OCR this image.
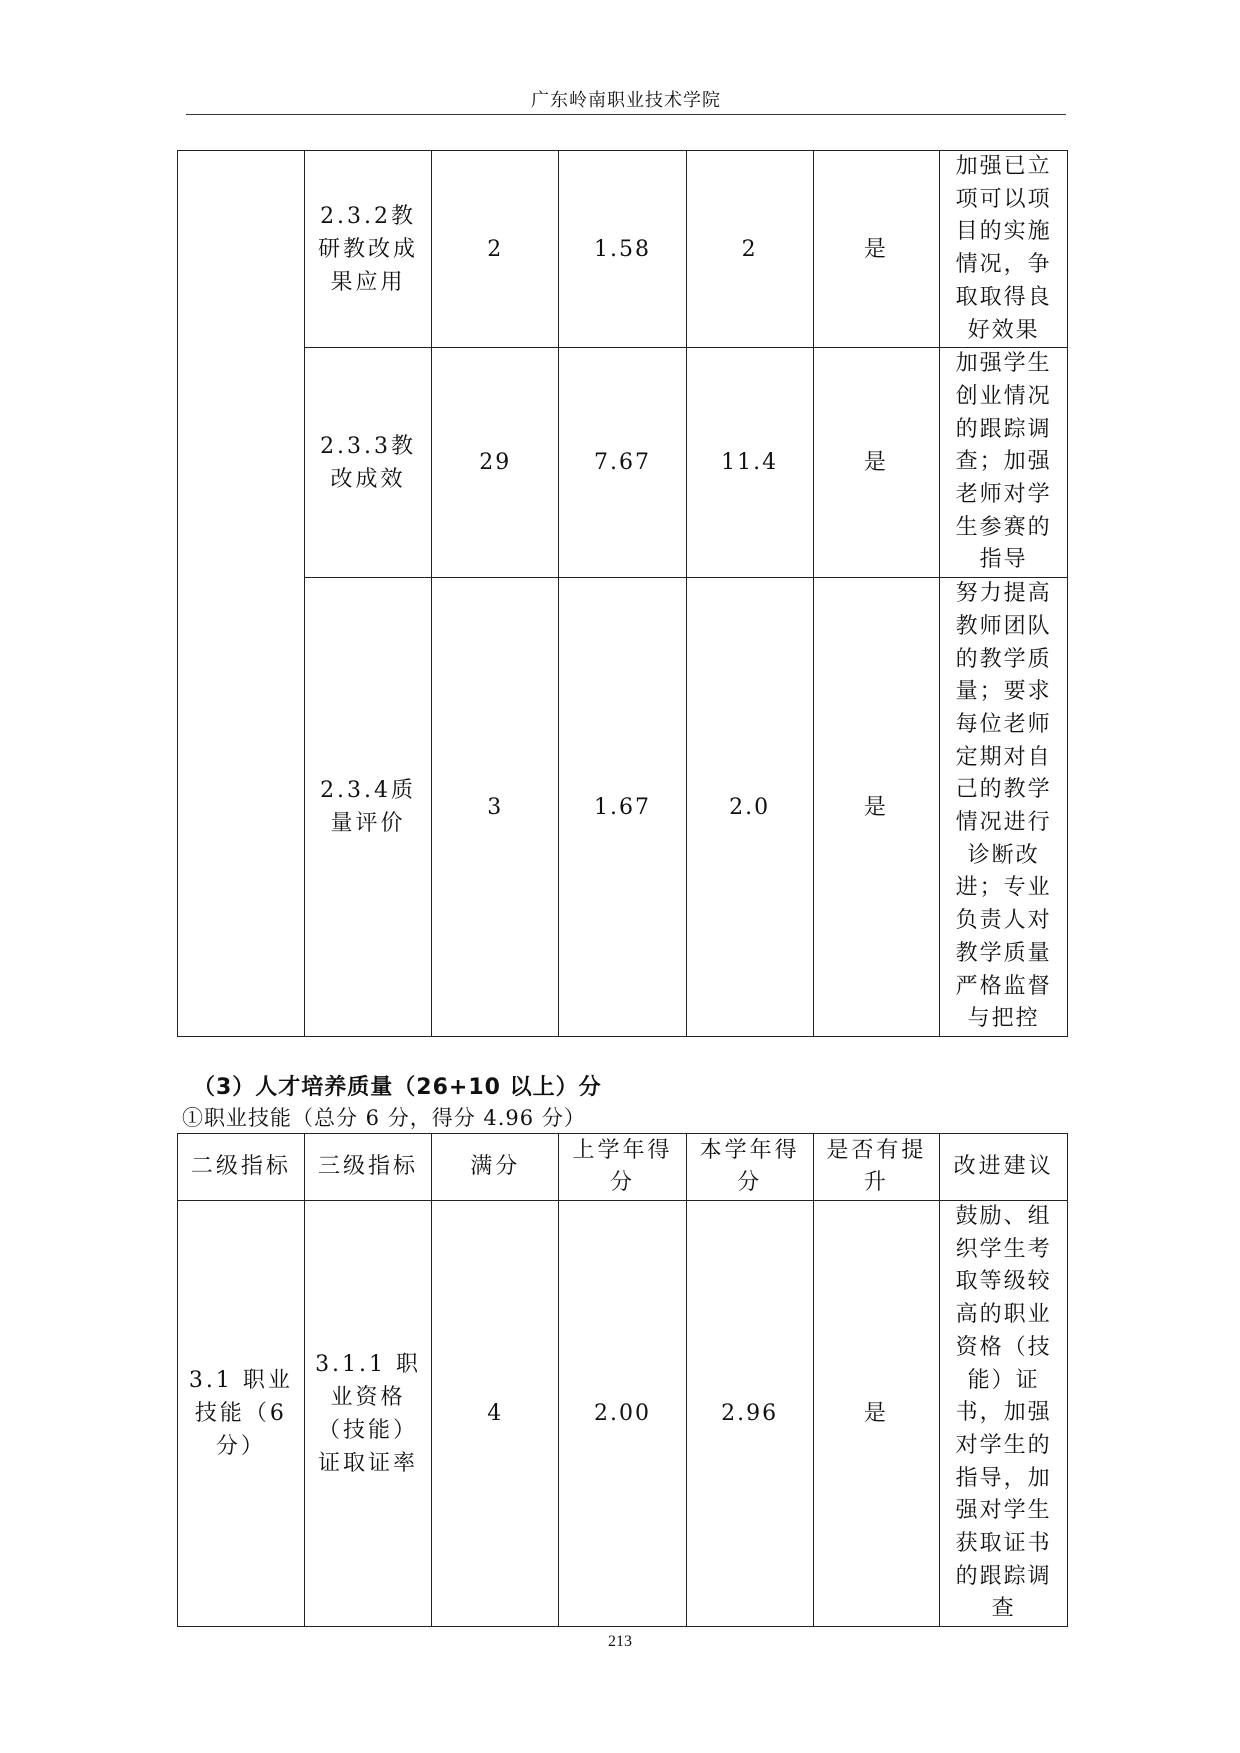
广东岭南职业技术学院
	2.3.2教研教改成果应用	2	1.58	2	是	加强已立项可以项目的实施情况，争取取得良好效果
	2.3.3教改成效	29	7.67	11.4	是	加强学生创业情况的跟踪调查；加强老师对学生参赛的指导
	2.3.4质量评价	3	1.67	2.0	是	努力提高教师团队的教学质量；要求每位老师定期对自己的教学情况进行诊断改进；专业负责人对教学质量严格监督与把控
（3）人才培养质量（26+10 以上）分
①职业技能（总分 6 分，得分 4.96 分）
二级指标	三级指标	满分	上学年得分	本学年得分	是否有提升	改进建议
3.1 职业技能（6分）	3.1.1 职业资格（技能）证取证率	4	2.00	2.96	是	鼓励、组织学生考取等级较高的职业资格（技能）证书，加强对学生的指导，加强对学生获取证书的跟踪调查
213
